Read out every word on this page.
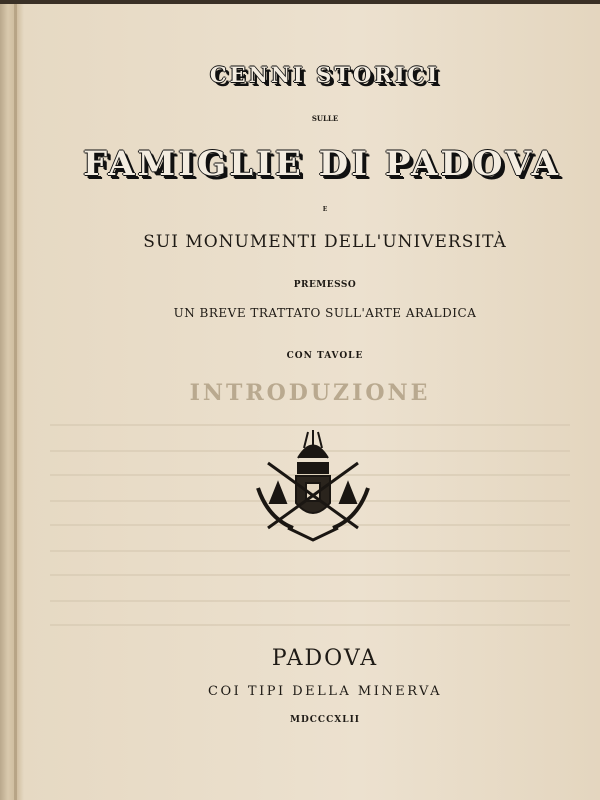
CENNI STORICI
SULLE
FAMIGLIE DI PADOVA
E
SUI MONUMENTI DELL'UNIVERSITÀ
PREMESSO
UN BREVE TRATTATO SULL'ARTE ARALDICA
CON TAVOLE
INTRODUZIONE
PADOVA
COI TIPI DELLA MINERVA
MDCCCXLII
